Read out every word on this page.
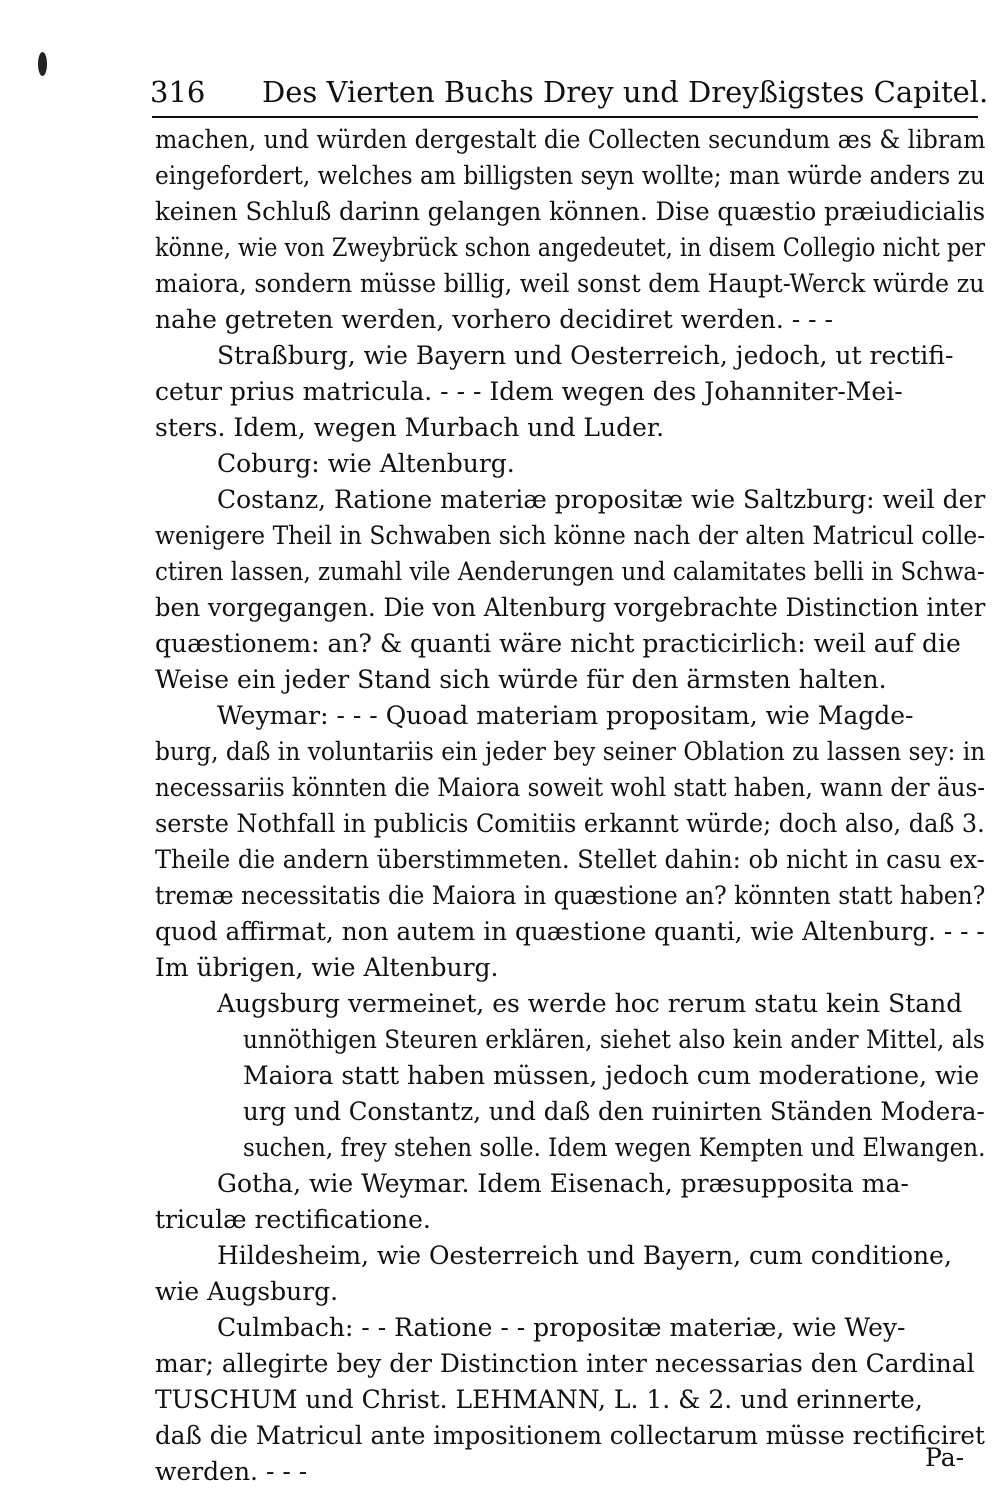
316 Des Vierten Buchs Drey und Dreyßigstes Capitel.
machen, und würden dergestalt die Collecten secundum æs & libram
eingefordert, welches am billigsten seyn wollte; man würde anders zu
keinen Schluß darinn gelangen können. Dise quæstio præiudicialis
könne, wie von Zweybrück schon angedeutet, in disem Collegio nicht per
maiora, sondern müsse billig, weil sonst dem Haupt-Werck würde zu
nahe getreten werden, vorhero decidiret werden. - - -
Straßburg, wie Bayern und Oesterreich, jedoch, ut rectifi-
cetur prius matricula. - - - Idem wegen des Johanniter-Mei-
sters. Idem, wegen Murbach und Luder.
Coburg: wie Altenburg.
Costanz, Ratione materiæ propositæ wie Saltzburg: weil der
wenigere Theil in Schwaben sich könne nach der alten Matricul colle-
ctiren lassen, zumahl vile Aenderungen und calamitates belli in Schwa-
ben vorgegangen. Die von Altenburg vorgebrachte Distinction inter
quæstionem: an? & quanti wäre nicht practicirlich: weil auf die
Weise ein jeder Stand sich würde für den ärmsten halten.
Weymar: - - - Quoad materiam propositam, wie Magde-
burg, daß in voluntariis ein jeder bey seiner Oblation zu lassen sey: in
necessariis könnten die Maiora soweit wohl statt haben, wann der äus-
serste Nothfall in publicis Comitiis erkannt würde; doch also, daß 3.
Theile die andern überstimmeten. Stellet dahin: ob nicht in casu ex-
tremæ necessitatis die Maiora in quæstione an? könnten statt haben?
quod affirmat, non autem in quæstione quanti, wie Altenburg. - - -
Im übrigen, wie Altenburg.
Augsburg vermeinet, es werde hoc rerum statu kein Stand
unnöthigen Steuren erklären, siehet also kein ander Mittel, als
Maiora statt haben müssen, jedoch cum moderatione, wie
urg und Constantz, und daß den ruinirten Ständen Modera-
suchen, frey stehen solle. Idem wegen Kempten und Elwangen.
Gotha, wie Weymar. Idem Eisenach, præsupposita ma-
triculæ rectificatione.
Hildesheim, wie Oesterreich und Bayern, cum conditione,
wie Augsburg.
Culmbach: - - Ratione - - propositæ materiæ, wie Wey-
mar; allegirte bey der Distinction inter necessarias den Cardinal
TUSCHUM und Christ. LEHMANN, L. 1. & 2. und erinnerte,
daß die Matricul ante impositionem collectarum müsse rectificiret
werden. - - -	Pa-
